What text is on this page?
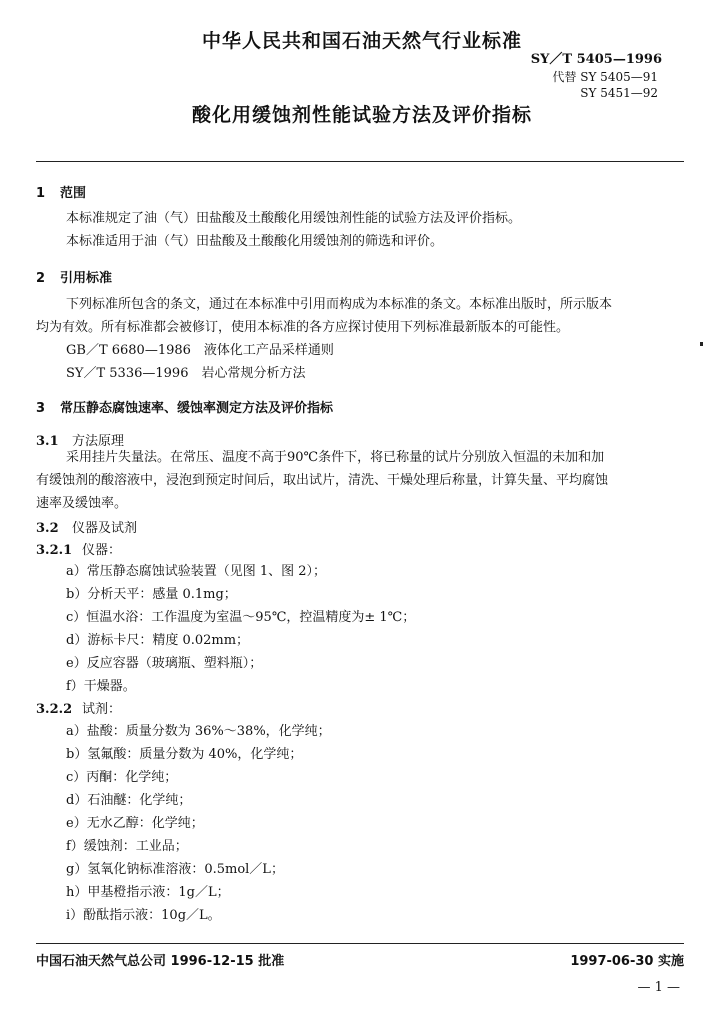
中华人民共和国石油天然气行业标准
SY／T 5405—1996
代替 SY 5405—91
SY 5451—92
酸化用缓蚀剂性能试验方法及评价指标
1 范围
本标准规定了油（气）田盐酸及土酸酸化用缓蚀剂性能的试验方法及评价指标。
本标准适用于油（气）田盐酸及土酸酸化用缓蚀剂的筛选和评价。
2 引用标准
下列标准所包含的条文，通过在本标准中引用而构成为本标准的条文。本标准出版时，所示版本
均为有效。所有标准都会被修订，使用本标准的各方应探讨使用下列标准最新版本的可能性。
GB／T 6680—1986　液体化工产品采样通则
SY／T 5336—1996　岩心常规分析方法
3 常压静态腐蚀速率、缓蚀率测定方法及评价指标
3.1 方法原理
采用挂片失量法。在常压、温度不高于90℃条件下，将已称量的试片分别放入恒温的未加和加
有缓蚀剂的酸溶液中，浸泡到预定时间后，取出试片，清洗、干燥处理后称量，计算失量、平均腐蚀
速率及缓蚀率。
3.2 仪器及试剂
3.2.1 仪器：
a）常压静态腐蚀试验装置（见图 1、图 2）；
b）分析天平：感量 0.1mg；
c）恒温水浴：工作温度为室温～95℃，控温精度为± 1℃；
d）游标卡尺：精度 0.02mm；
e）反应容器（玻璃瓶、塑料瓶）；
f）干燥器。
3.2.2 试剂：
a）盐酸：质量分数为 36%～38%，化学纯；
b）氢氟酸：质量分数为 40%，化学纯；
c）丙酮：化学纯；
d）石油醚：化学纯；
e）无水乙醇：化学纯；
f）缓蚀剂：工业品；
g）氢氧化钠标准溶液：0.5mol／L；
h）甲基橙指示液：1g／L；
i）酚酞指示液：10g／L。
中国石油天然气总公司 1996-12-15 批准	1997-06-30 实施
— 1 —
